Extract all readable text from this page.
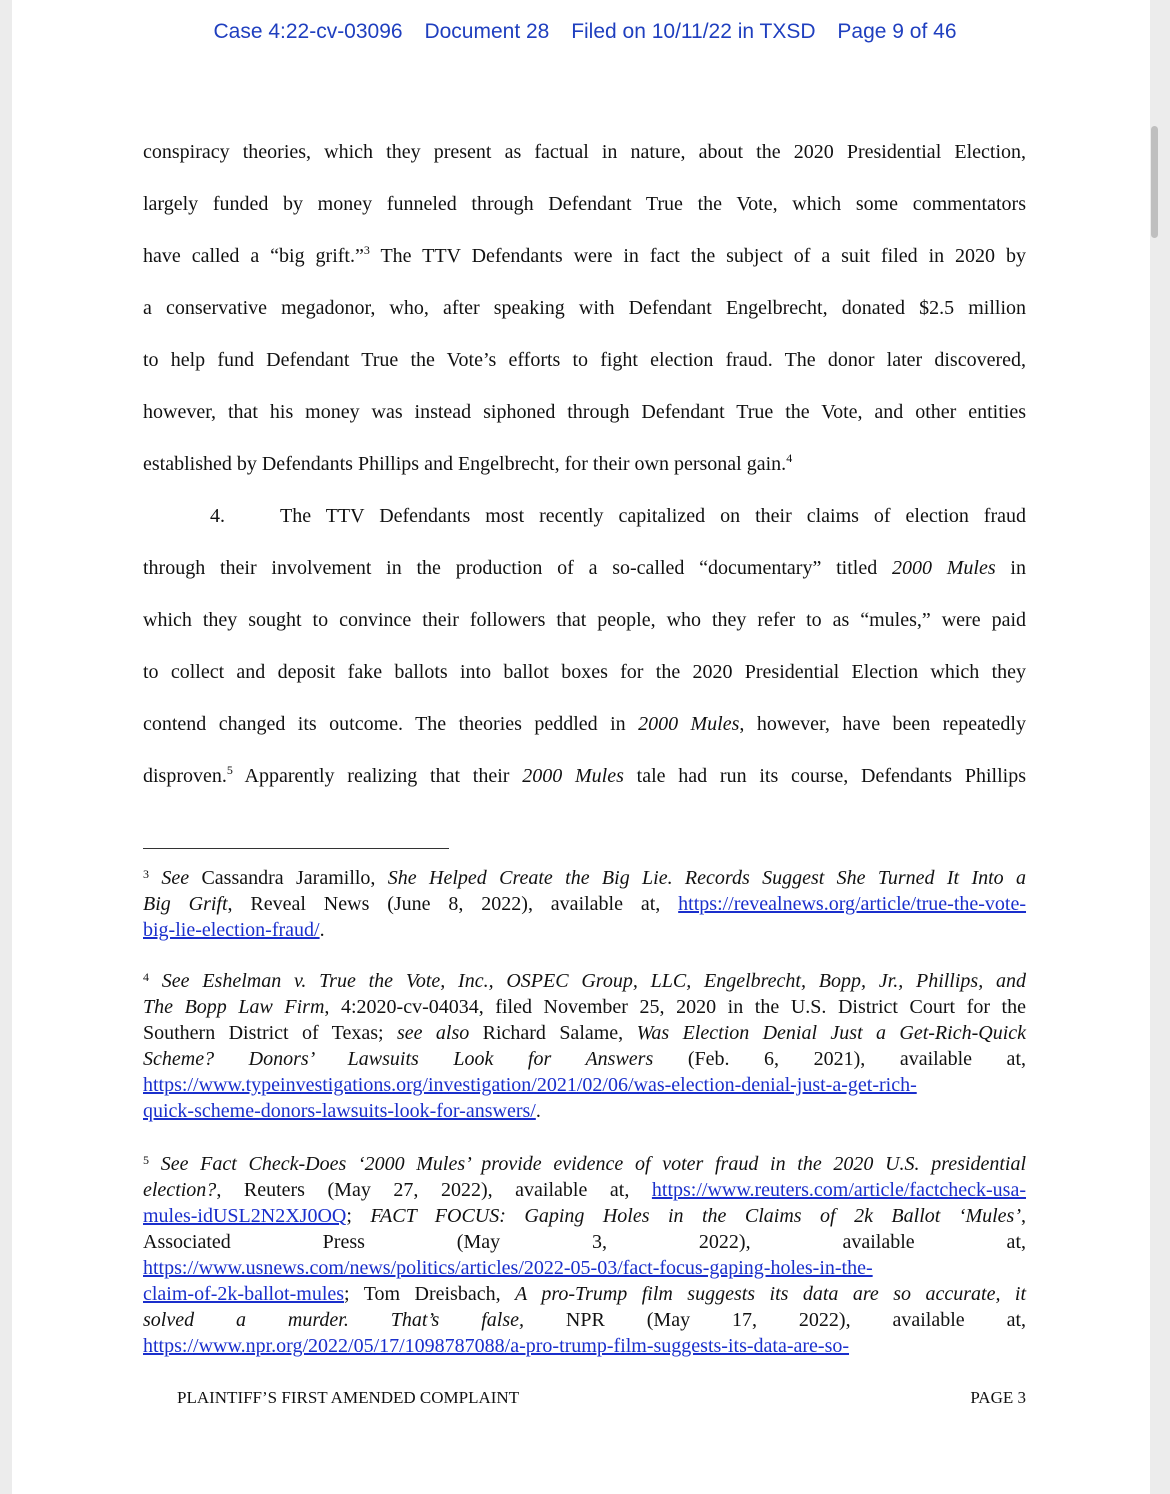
Case 4:22-cv-03096 Document 28 Filed on 10/11/22 in TXSD Page 9 of 46
conspiracy theories, which they present as factual in nature, about the 2020 Presidential Election,
largely funded by money funneled through Defendant True the Vote, which some commentators
have called a “big grift.”$^3$ The TTV Defendants were in fact the subject of a suit filed in 2020 by
a conservative megadonor, who, after speaking with Defendant Engelbrecht, donated $2.5 million
to help fund Defendant True the Vote’s efforts to fight election fraud. The donor later discovered,
however, that his money was instead siphoned through Defendant True the Vote, and other entities
established by Defendants Phillips and Engelbrecht, for their own personal gain.$^4$
4.	The TTV Defendants most recently capitalized on their claims of election fraud
through their involvement in the production of a so-called “documentary” titled 2000 Mules in
which they sought to convince their followers that people, who they refer to as “mules,” were paid
to collect and deposit fake ballots into ballot boxes for the 2020 Presidential Election which they
contend changed its outcome. The theories peddled in 2000 Mules, however, have been repeatedly
disproven.$^5$ Apparently realizing that their 2000 Mules tale had run its course, Defendants Phillips
$^3$ See Cassandra Jaramillo, She Helped Create the Big Lie. Records Suggest She Turned It Into a
Big Grift, Reveal News (June 8, 2022), available at, https://revealnews.org/article/true-the-vote-
big-lie-election-fraud/.
$^4$ See Eshelman v. True the Vote, Inc., OSPEC Group, LLC, Engelbrecht, Bopp, Jr., Phillips, and
The Bopp Law Firm, 4:2020-cv-04034, filed November 25, 2020 in the U.S. District Court for the
Southern District of Texas; see also Richard Salame, Was Election Denial Just a Get-Rich-Quick
Scheme? Donors’ Lawsuits Look for Answers (Feb. 6, 2021), available at,
https://www.typeinvestigations.org/investigation/2021/02/06/was-election-denial-just-a-get-rich-
quick-scheme-donors-lawsuits-look-for-answers/.
$^5$ See Fact Check-Does ‘2000 Mules’ provide evidence of voter fraud in the 2020 U.S. presidential
election?, Reuters (May 27, 2022), available at, https://www.reuters.com/article/factcheck-usa-
mules-idUSL2N2XJ0OQ; FACT FOCUS: Gaping Holes in the Claims of 2k Ballot ‘Mules’,
Associated Press (May 3, 2022), available at,
https://www.usnews.com/news/politics/articles/2022-05-03/fact-focus-gaping-holes-in-the-
claim-of-2k-ballot-mules; Tom Dreisbach, A pro-Trump film suggests its data are so accurate, it
solved a murder. That’s false, NPR (May 17, 2022), available at,
https://www.npr.org/2022/05/17/1098787088/a-pro-trump-film-suggests-its-data-are-so-
PLAINTIFF’S FIRST AMENDED COMPLAINT	PAGE 3
